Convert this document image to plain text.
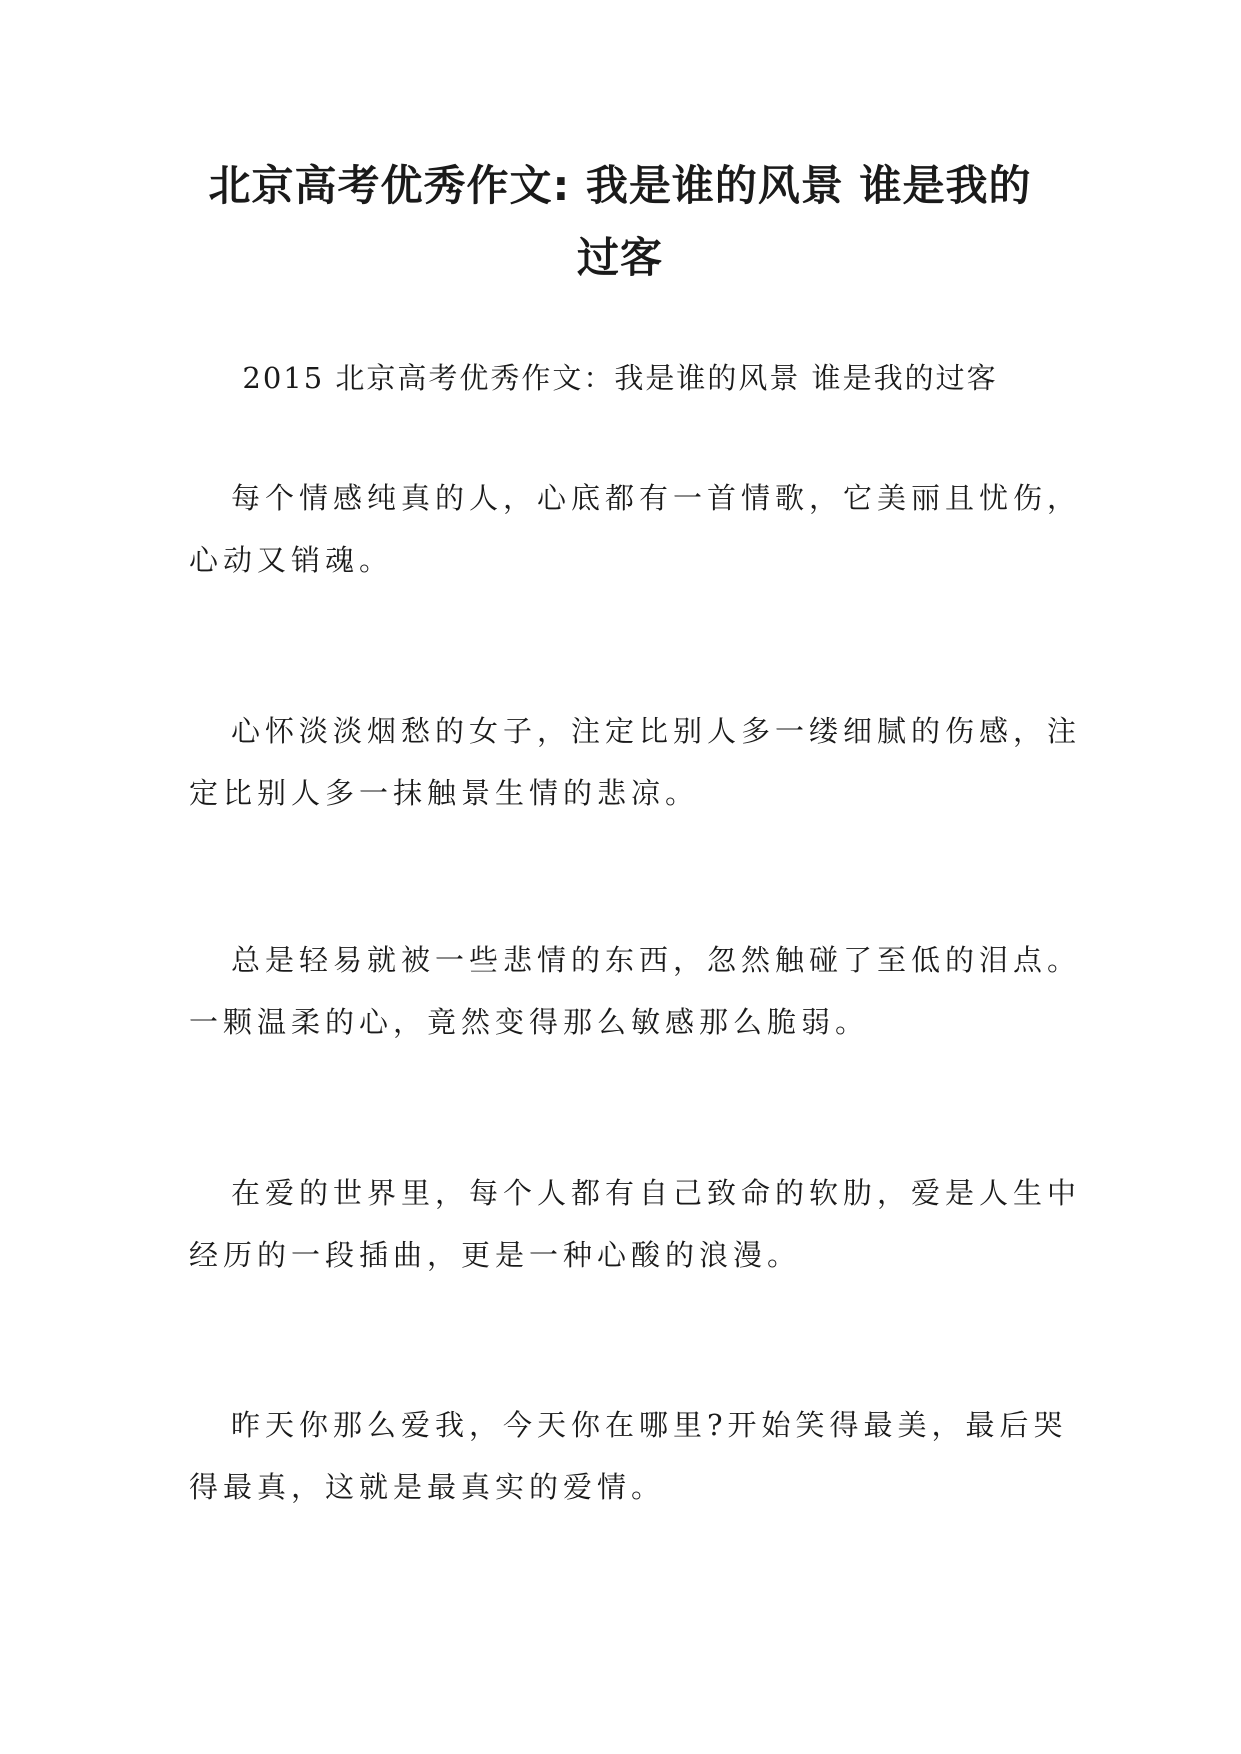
北京高考优秀作文: 我是谁的风景 谁是我的
过客
2015 北京高考优秀作文：我是谁的风景 谁是我的过客

每个情感纯真的人，心底都有一首情歌，它美丽且忧伤，
心动又销魂。

心怀淡淡烟愁的女子，注定比别人多一缕细腻的伤感，注
定比别人多一抹触景生情的悲凉。

总是轻易就被一些悲情的东西，忽然触碰了至低的泪点。
一颗温柔的心，竟然变得那么敏感那么脆弱。

在爱的世界里，每个人都有自己致命的软肋，爱是人生中
经历的一段插曲，更是一种心酸的浪漫。

昨天你那么爱我，今天你在哪里?开始笑得最美，最后哭
得最真，这就是最真实的爱情。
